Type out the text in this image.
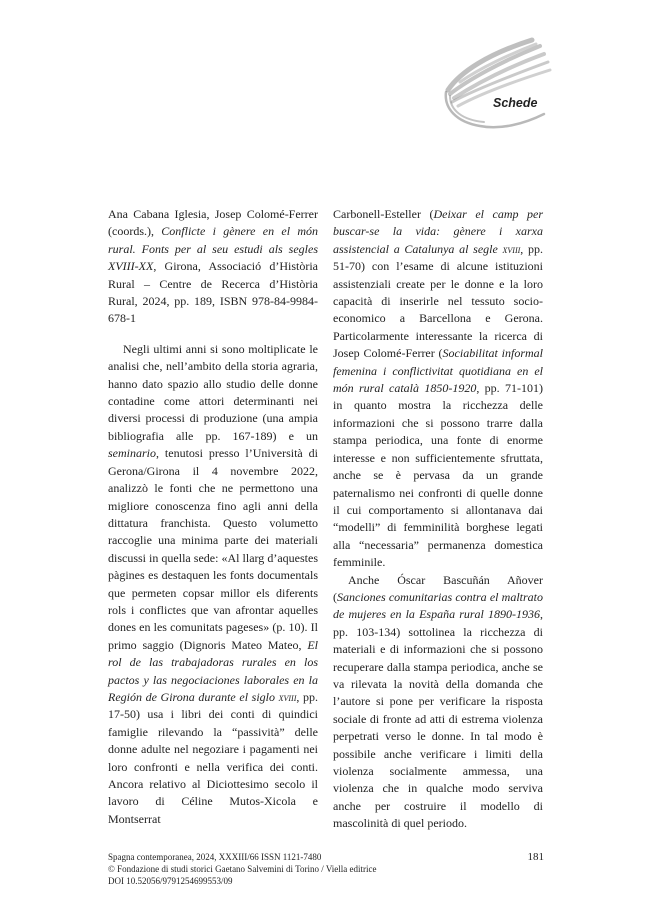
Schede

Ana Cabana Iglesia, Josep Colomé-Ferrer (coords.), Conflicte i gènere en el món rural. Fonts per al seu estudi als segles XVIII-XX, Girona, Associació d’Història Rural – Centre de Recerca d’Història Rural, 2024, pp. 189, ISBN 978-84-9984-678-1

Negli ultimi anni si sono moltiplicate le analisi che, nell’ambito della storia agraria, hanno dato spazio allo studio delle donne contadine come attori determinanti nei diversi processi di produzione (una ampia bibliografia alle pp. 167-189) e un seminario, tenutosi presso l’Università di Gerona/Girona il 4 novembre 2022, analizzò le fonti che ne permettono una migliore conoscenza fino agli anni della dittatura franchista. Questo volumetto raccoglie una minima parte dei materiali discussi in quella sede: «Al llarg d’aquestes pàgines es destaquen les fonts documentals que permeten copsar millor els diferents rols i conflictes que van afrontar aquelles dones en les comunitats pageses» (p. 10). Il primo saggio (Dignoris Mateo Mateo, El rol de las trabajadoras rurales en los pactos y las negociaciones laborales en la Región de Girona durante el siglo xviii, pp. 17-50) usa i libri dei conti di quindici famiglie rilevando la “passività” delle donne adulte nel negoziare i pagamenti nei loro confronti e nella verifica dei conti. Ancora relativo al Diciottesimo secolo il lavoro di Céline Mutos-Xicola e Montserrat

Carbonell-Esteller (Deixar el camp per buscar-se la vida: gènere i xarxa assistencial a Catalunya al segle xviii, pp. 51-70) con l’esame di alcune istituzioni assistenziali create per le donne e la loro capacità di inserirle nel tessuto socio-economico a Barcellona e Gerona. Particolarmente interessante la ricerca di Josep Colomé-Ferrer (Sociabilitat informal femenina i conflictivitat quotidiana en el món rural català 1850-1920, pp. 71-101) in quanto mostra la ricchezza delle informazioni che si possono trarre dalla stampa periodica, una fonte di enorme interesse e non sufficientemente sfruttata, anche se è pervasa da un grande paternalismo nei confronti di quelle donne il cui comportamento si allontanava dai “modelli” di femminilità borghese legati alla “necessaria” permanenza domestica femminile.

Anche Óscar Bascuñán Añover (Sanciones comunitarias contra el maltrato de mujeres en la España rural 1890-1936, pp. 103-134) sottolinea la ricchezza di materiali e di informazioni che si possono recuperare dalla stampa periodica, anche se va rilevata la novità della domanda che l’autore si pone per verificare la risposta sociale di fronte ad atti di estrema violenza perpetrati verso le donne. In tal modo è possibile anche verificare i limiti della violenza socialmente ammessa, una violenza che in qualche modo serviva anche per costruire il modello di mascolinità di quel periodo.

Spagna contemporanea, 2024, XXXIII/66 ISSN 1121-7480
© Fondazione di studi storici Gaetano Salvemini di Torino / Viella editrice
DOI 10.52056/9791254699553/09
181
